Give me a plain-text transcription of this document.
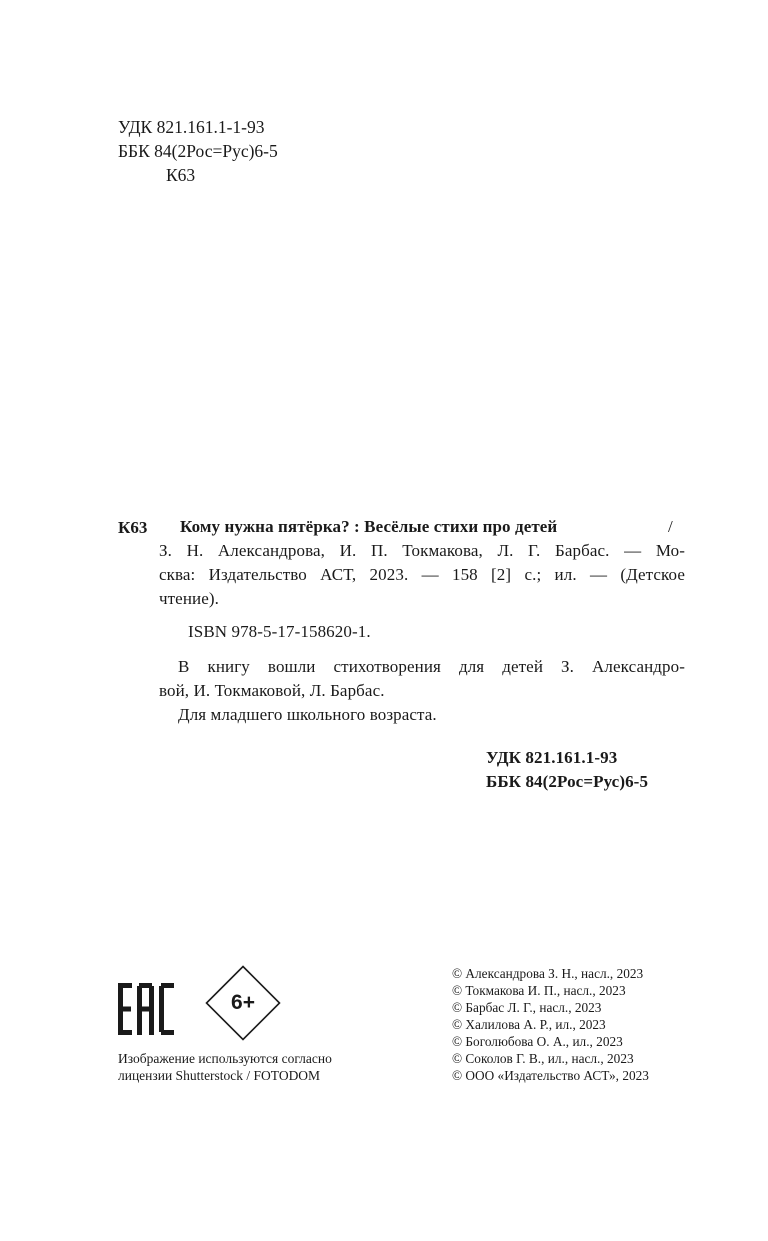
УДК 821.161.1-1-93
ББК 84(2Рос=Рус)6-5
К63
К63 Кому нужна пятёрка? : Весёлые стихи про детей	/
З. Н. Александрова, И. П. Токмакова, Л. Г. Барбас. — Мо-
сква: Издательство АСТ, 2023. — 158 [2] с.; ил. — (Детское
чтение).
ISBN 978-5-17-158620-1.
В книгу вошли стихотворения для детей З. Александро-
вой, И. Токмаковой, Л. Барбас.
Для младшего школьного возраста.
УДК 821.161.1-93
ББК 84(2Рос=Рус)6-5
6+
Изображение используются согласно
лицензии Shutterstock / FOTODOM
© Александрова З. Н., насл., 2023
© Токмакова И. П., насл., 2023
© Барбас Л. Г., насл., 2023
© Халилова А. Р., ил., 2023
© Боголюбова О. А., ил., 2023
© Соколов Г. В., ил., насл., 2023
© ООО «Издательство АСТ», 2023
